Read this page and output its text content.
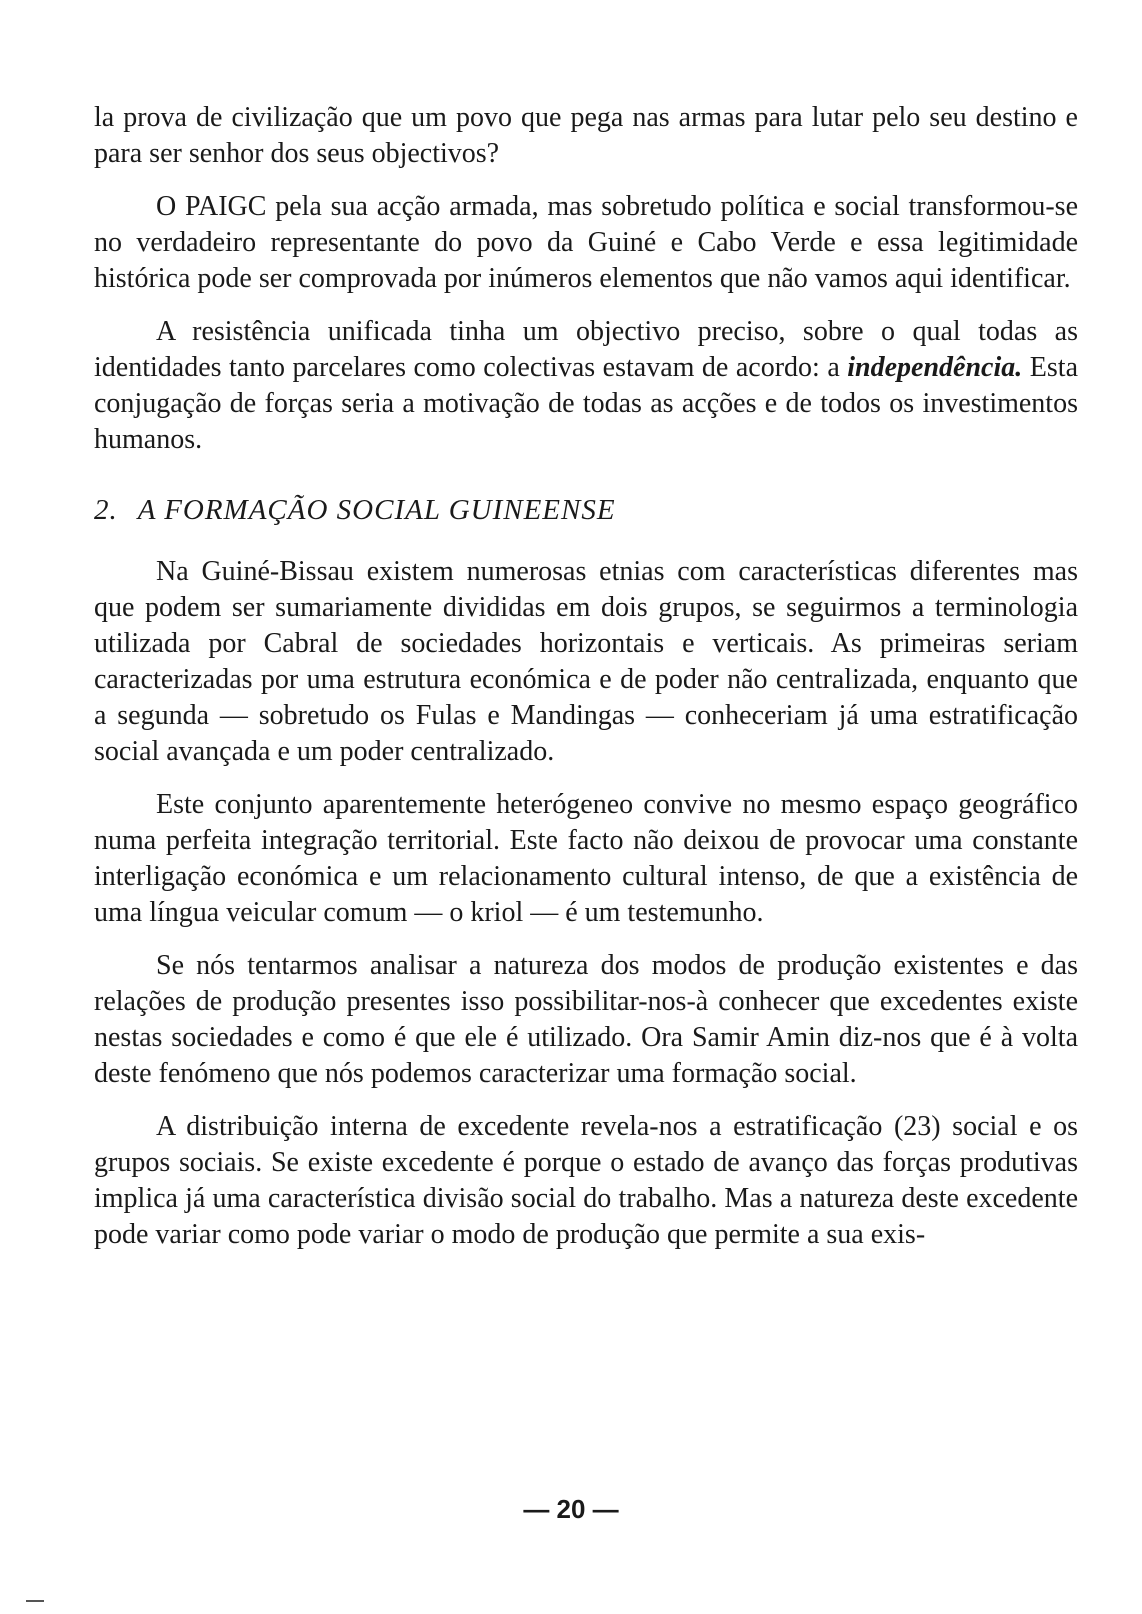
la prova de civilização que um povo que pega nas armas para lutar pelo seu destino e para ser senhor dos seus objectivos?

O PAIGC pela sua acção armada, mas sobretudo política e social transformou-se no verdadeiro representante do povo da Guiné e Cabo Verde e essa legitimidade histórica pode ser comprovada por inúmeros elementos que não vamos aqui identificar.

A resistência unificada tinha um objectivo preciso, sobre o qual todas as identidades tanto parcelares como colectivas estavam de acordo: a independência. Esta conjugação de forças seria a motivação de todas as acções e de todos os investimentos humanos.

2. A FORMAÇÃO SOCIAL GUINEENSE

Na Guiné-Bissau existem numerosas etnias com características diferentes mas que podem ser sumariamente divididas em dois grupos, se seguirmos a terminologia utilizada por Cabral de sociedades horizontais e verticais. As primeiras seriam caracterizadas por uma estrutura económica e de poder não centralizada, enquanto que a segunda — sobretudo os Fulas e Mandingas — conheceriam já uma estratificação social avançada e um poder centralizado.

Este conjunto aparentemente heterógeneo convive no mesmo espaço geográfico numa perfeita integração territorial. Este facto não deixou de provocar uma constante interligação económica e um relacionamento cultural intenso, de que a existência de uma língua veicular comum — o kriol — é um testemunho.

Se nós tentarmos analisar a natureza dos modos de produção existentes e das relações de produção presentes isso possibilitar-nos-à conhecer que excedentes existe nestas sociedades e como é que ele é utilizado. Ora Samir Amin diz-nos que é à volta deste fenómeno que nós podemos caracterizar uma formação social.

A distribuição interna de excedente revela-nos a estratificação (23) social e os grupos sociais. Se existe excedente é porque o estado de avanço das forças produtivas implica já uma característica divisão social do trabalho. Mas a natureza deste excedente pode variar como pode variar o modo de produção que permite a sua exis-

— 20 —
